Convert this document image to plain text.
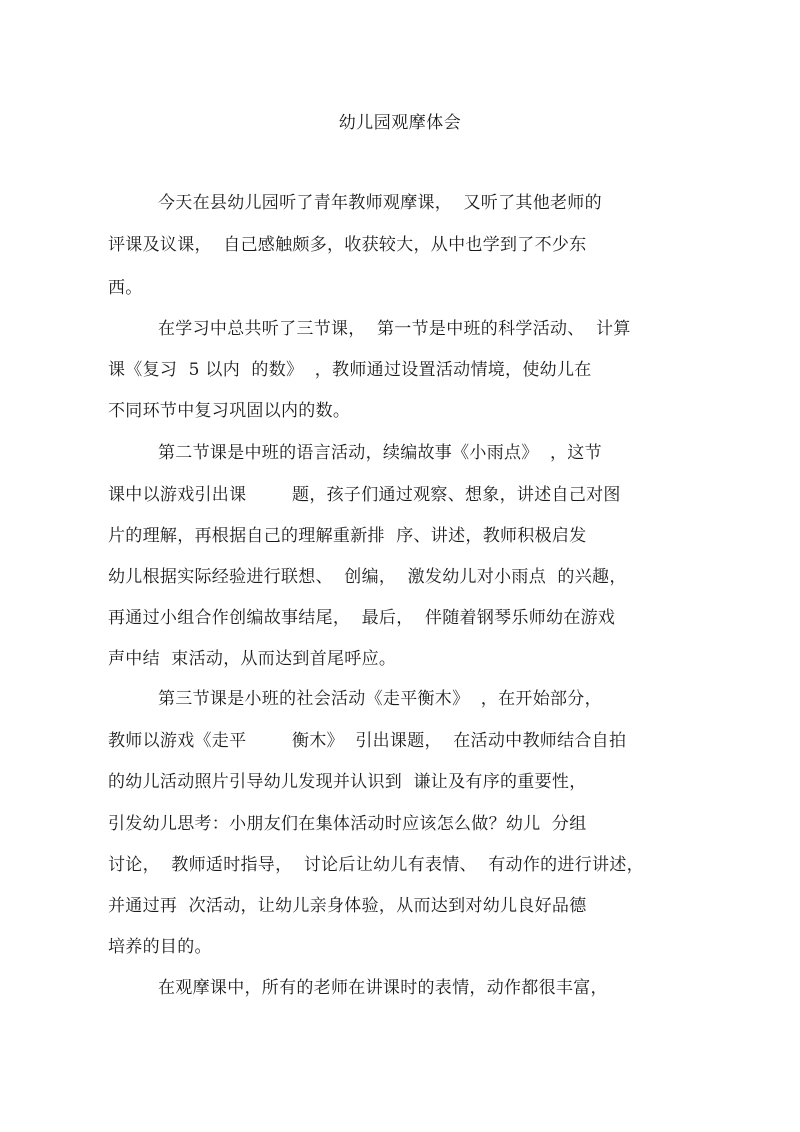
幼儿园观摩体会
今天在县幼儿园听了青年教师观摩课，  又听了其他老师的
评课及议课，  自己感触颇多，收获较大，从中也学到了不少东
西。
在学习中总共听了三节课，  第一节是中班的科学活动、  计算
课《复习  5 以内  的数》  ，教师通过设置活动情境，使幼儿在
不同环节中复习巩固以内的数。
第二节课是中班的语言活动，续编故事《小雨点》  ，这节
课中以游戏引出课        题，孩子们通过观察、想象，讲述自己对图
片的理解，再根据自己的理解重新排  序、讲述，教师积极启发
幼儿根据实际经验进行联想、  创编，  激发幼儿对小雨点  的兴趣，
再通过小组合作创编故事结尾，  最后，  伴随着钢琴乐师幼在游戏
声中结  束活动，从而达到首尾呼应。
第三节课是小班的社会活动《走平衡木》  ，在开始部分，
教师以游戏《走平        衡木》  引出课题，  在活动中教师结合自拍
的幼儿活动照片引导幼儿发现并认识到  谦让及有序的重要性，
引发幼儿思考：小朋友们在集体活动时应该怎么做？幼儿  分组
讨论，  教师适时指导，  讨论后让幼儿有表情、  有动作的进行讲述，
并通过再  次活动，让幼儿亲身体验，从而达到对幼儿良好品德
培养的目的。
在观摩课中，所有的老师在讲课时的表情，动作都很丰富，
